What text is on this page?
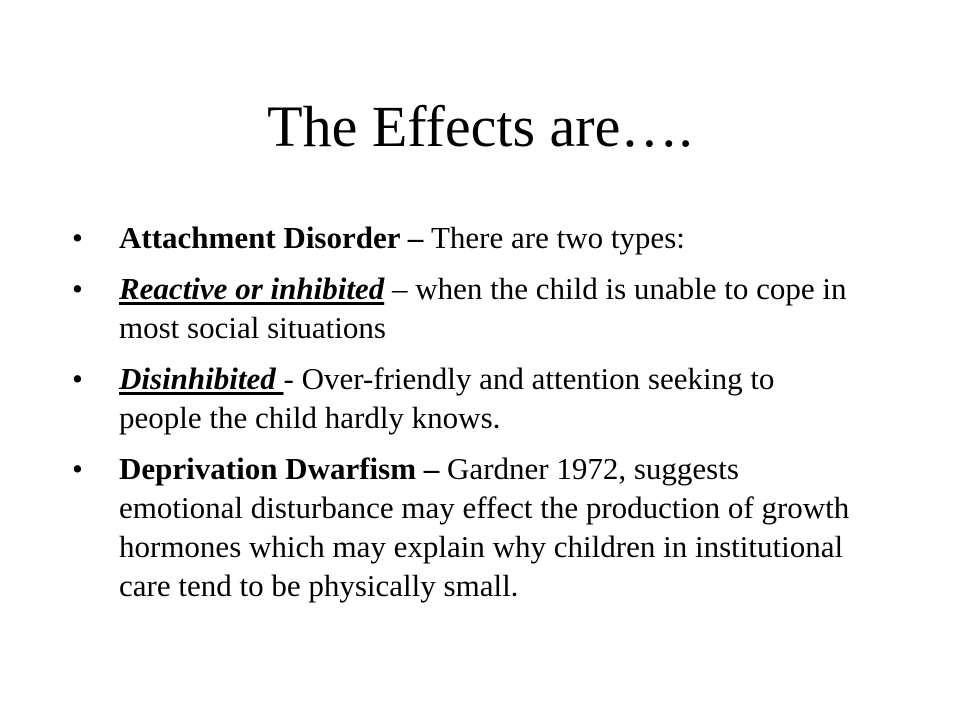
The Effects are….
•	Attachment Disorder – There are two types:
•	Reactive or inhibited – when the child is unable to cope in most social situations
•	Disinhibited - Over-friendly and attention seeking to people the child hardly knows.
•	Deprivation Dwarfism – Gardner 1972, suggests emotional disturbance may effect the production of growth hormones which may explain why children in institutional care tend to be physically small.
